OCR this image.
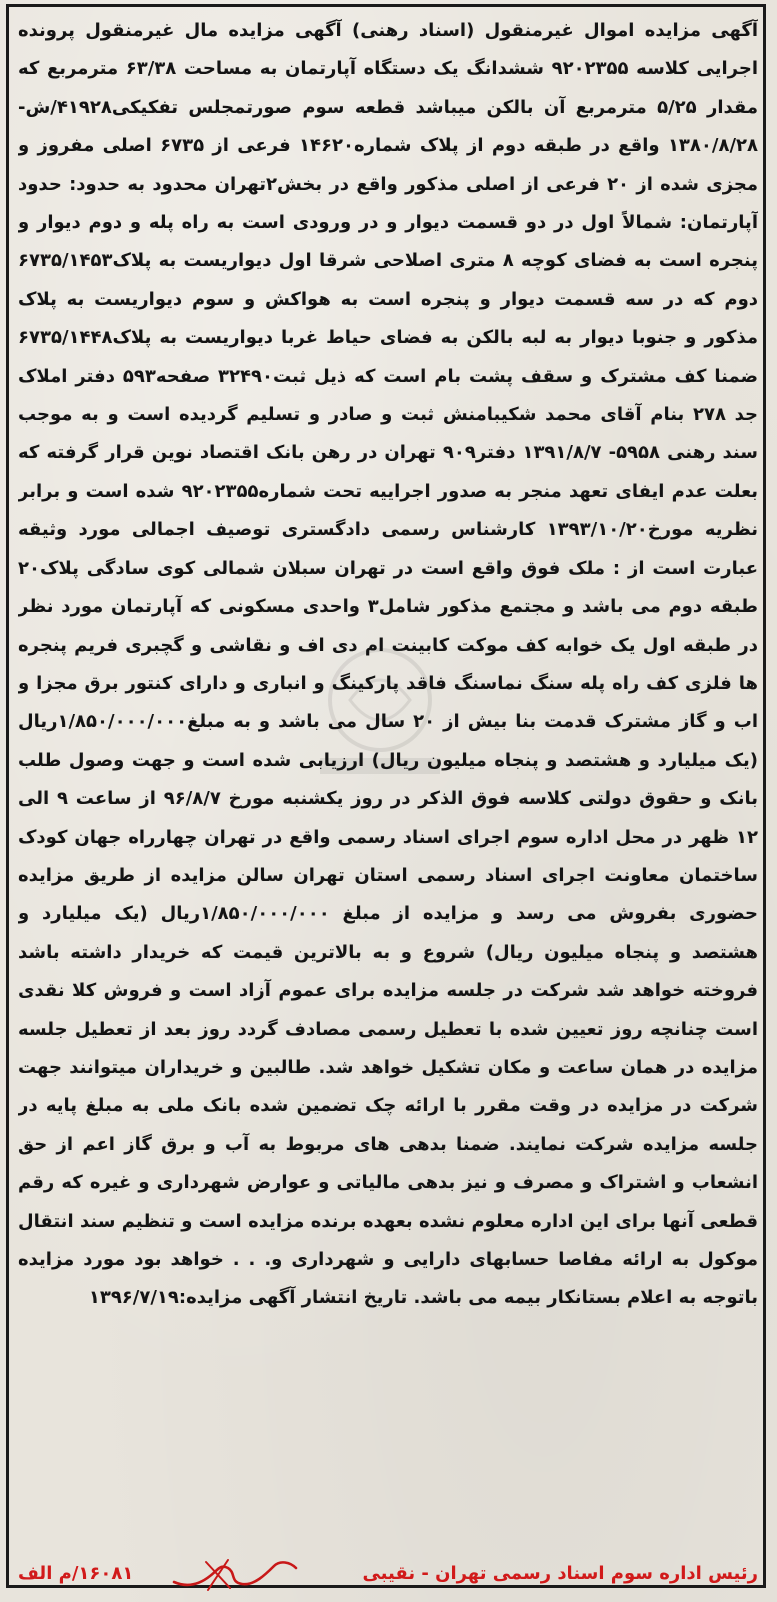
آگهی مزایده اموال غیرمنقول (اسناد رهنی) آگهی مزایده مال غیرمنقول پرونده اجرایی کلاسه ۹۲۰۲۳۵۵ ششدانگ یک دستگاه آپارتمان به مساحت ۶۳/۳۸ مترمربع که مقدار ۵/۲۵ مترمربع آن بالکن میباشد قطعه سوم صورتمجلس تفکیکی۴۱۹۲۸/ش- ۱۳۸۰/۸/۲۸ واقع در طبقه دوم از پلاک شماره۱۴۶۲۰ فرعی از ۶۷۳۵ اصلی مفروز و مجزی شده از ۲۰ فرعی از اصلی مذکور واقع در بخش۲تهران محدود به حدود: حدود آپارتمان: شمالاً اول در دو قسمت دیوار و در ورودی است به راه پله و دوم دیوار و پنجره است به فضای کوچه ۸ متری اصلاحی شرقا اول دیواریست به پلاک۶۷۳۵/۱۴۵۳ دوم که در سه قسمت دیوار و پنجره است به هواکش و سوم دیواریست به پلاک مذکور و جنوبا دیوار به لبه بالکن به فضای حیاط غربا دیواریست به پلاک۶۷۳۵/۱۴۴۸ ضمنا کف مشترک و سقف پشت بام است که ذیل ثبت۳۲۴۹۰ صفحه۵۹۳ دفتر املاک جد ۲۷۸ بنام آقای محمد شکیبامنش ثبت و صادر و تسلیم گردیده است و به موجب سند رهنی ۵۹۵۸- ۱۳۹۱/۸/۷ دفتر۹۰۹ تهران در رهن بانک اقتصاد نوین قرار گرفته که بعلت عدم ایفای تعهد منجر به صدور اجراییه تحت شماره۹۲۰۲۳۵۵ شده است و برابر نظریه مورخ۱۳۹۳/۱۰/۲۰ کارشناس رسمی دادگستری توصیف اجمالی مورد وثیقه عبارت است از : ملک فوق واقع است در تهران سبلان شمالی کوی سادگی پلاک۲۰ طبقه دوم می باشد و مجتمع مذکور شامل۳ واحدی مسکونی که آپارتمان مورد نظر در طبقه اول یک خوابه کف موکت کابینت ام دی اف و نقاشی و گچبری فریم پنجره ها فلزی کف راه پله سنگ نماسنگ فاقد پارکینگ و انباری و دارای کنتور برق مجزا و اب و گاز مشترک قدمت بنا بیش از ۲۰ سال می باشد و به مبلغ۱/۸۵۰/۰۰۰/۰۰۰ریال (یک میلیارد و هشتصد و پنجاه میلیون ریال) ارزیابی شده است و جهت وصول طلب بانک و حقوق دولتی کلاسه فوق الذکر در روز یکشنبه مورخ ۹۶/۸/۷ از ساعت ۹ الی ۱۲ ظهر در محل اداره سوم اجرای اسناد رسمی واقع در تهران چهارراه جهان کودک ساختمان معاونت اجرای اسناد رسمی استان تهران سالن مزایده از طریق مزایده حضوری بفروش می رسد و مزایده از مبلغ ۱/۸۵۰/۰۰۰/۰۰۰ریال (یک میلیارد و هشتصد و پنجاه میلیون ریال) شروع و به بالاترین قیمت که خریدار داشته باشد فروخته خواهد شد شرکت در جلسه مزایده برای عموم آزاد است و فروش کلا نقدی است چنانچه روز تعیین شده با تعطیل رسمی مصادف گردد روز بعد از تعطیل جلسه مزایده در همان ساعت و مکان تشکیل خواهد شد. طالبین و خریداران میتوانند جهت شرکت در مزایده در وقت مقرر با ارائه چک تضمین شده بانک ملی به مبلغ پایه در جلسه مزایده شرکت نمایند. ضمنا بدهی های مربوط به آب و برق گاز اعم از حق انشعاب و اشتراک و مصرف و نیز بدهی مالیاتی و عوارض شهرداری و غیره که رقم قطعی آنها برای این اداره معلوم نشده بعهده برنده مزایده است و تنظیم سند انتقال موکول به ارائه مفاصا حسابهای دارایی و شهرداری و. . . خواهد بود مورد مزایده باتوجه به اعلام بستانکار بیمه می باشد. تاریخ انتشار آگهی مزایده:۱۳۹۶/۷/۱۹

رئیس اداره سوم اسناد رسمی تهران - نقیبی
۱۶۰۸۱/م الف
